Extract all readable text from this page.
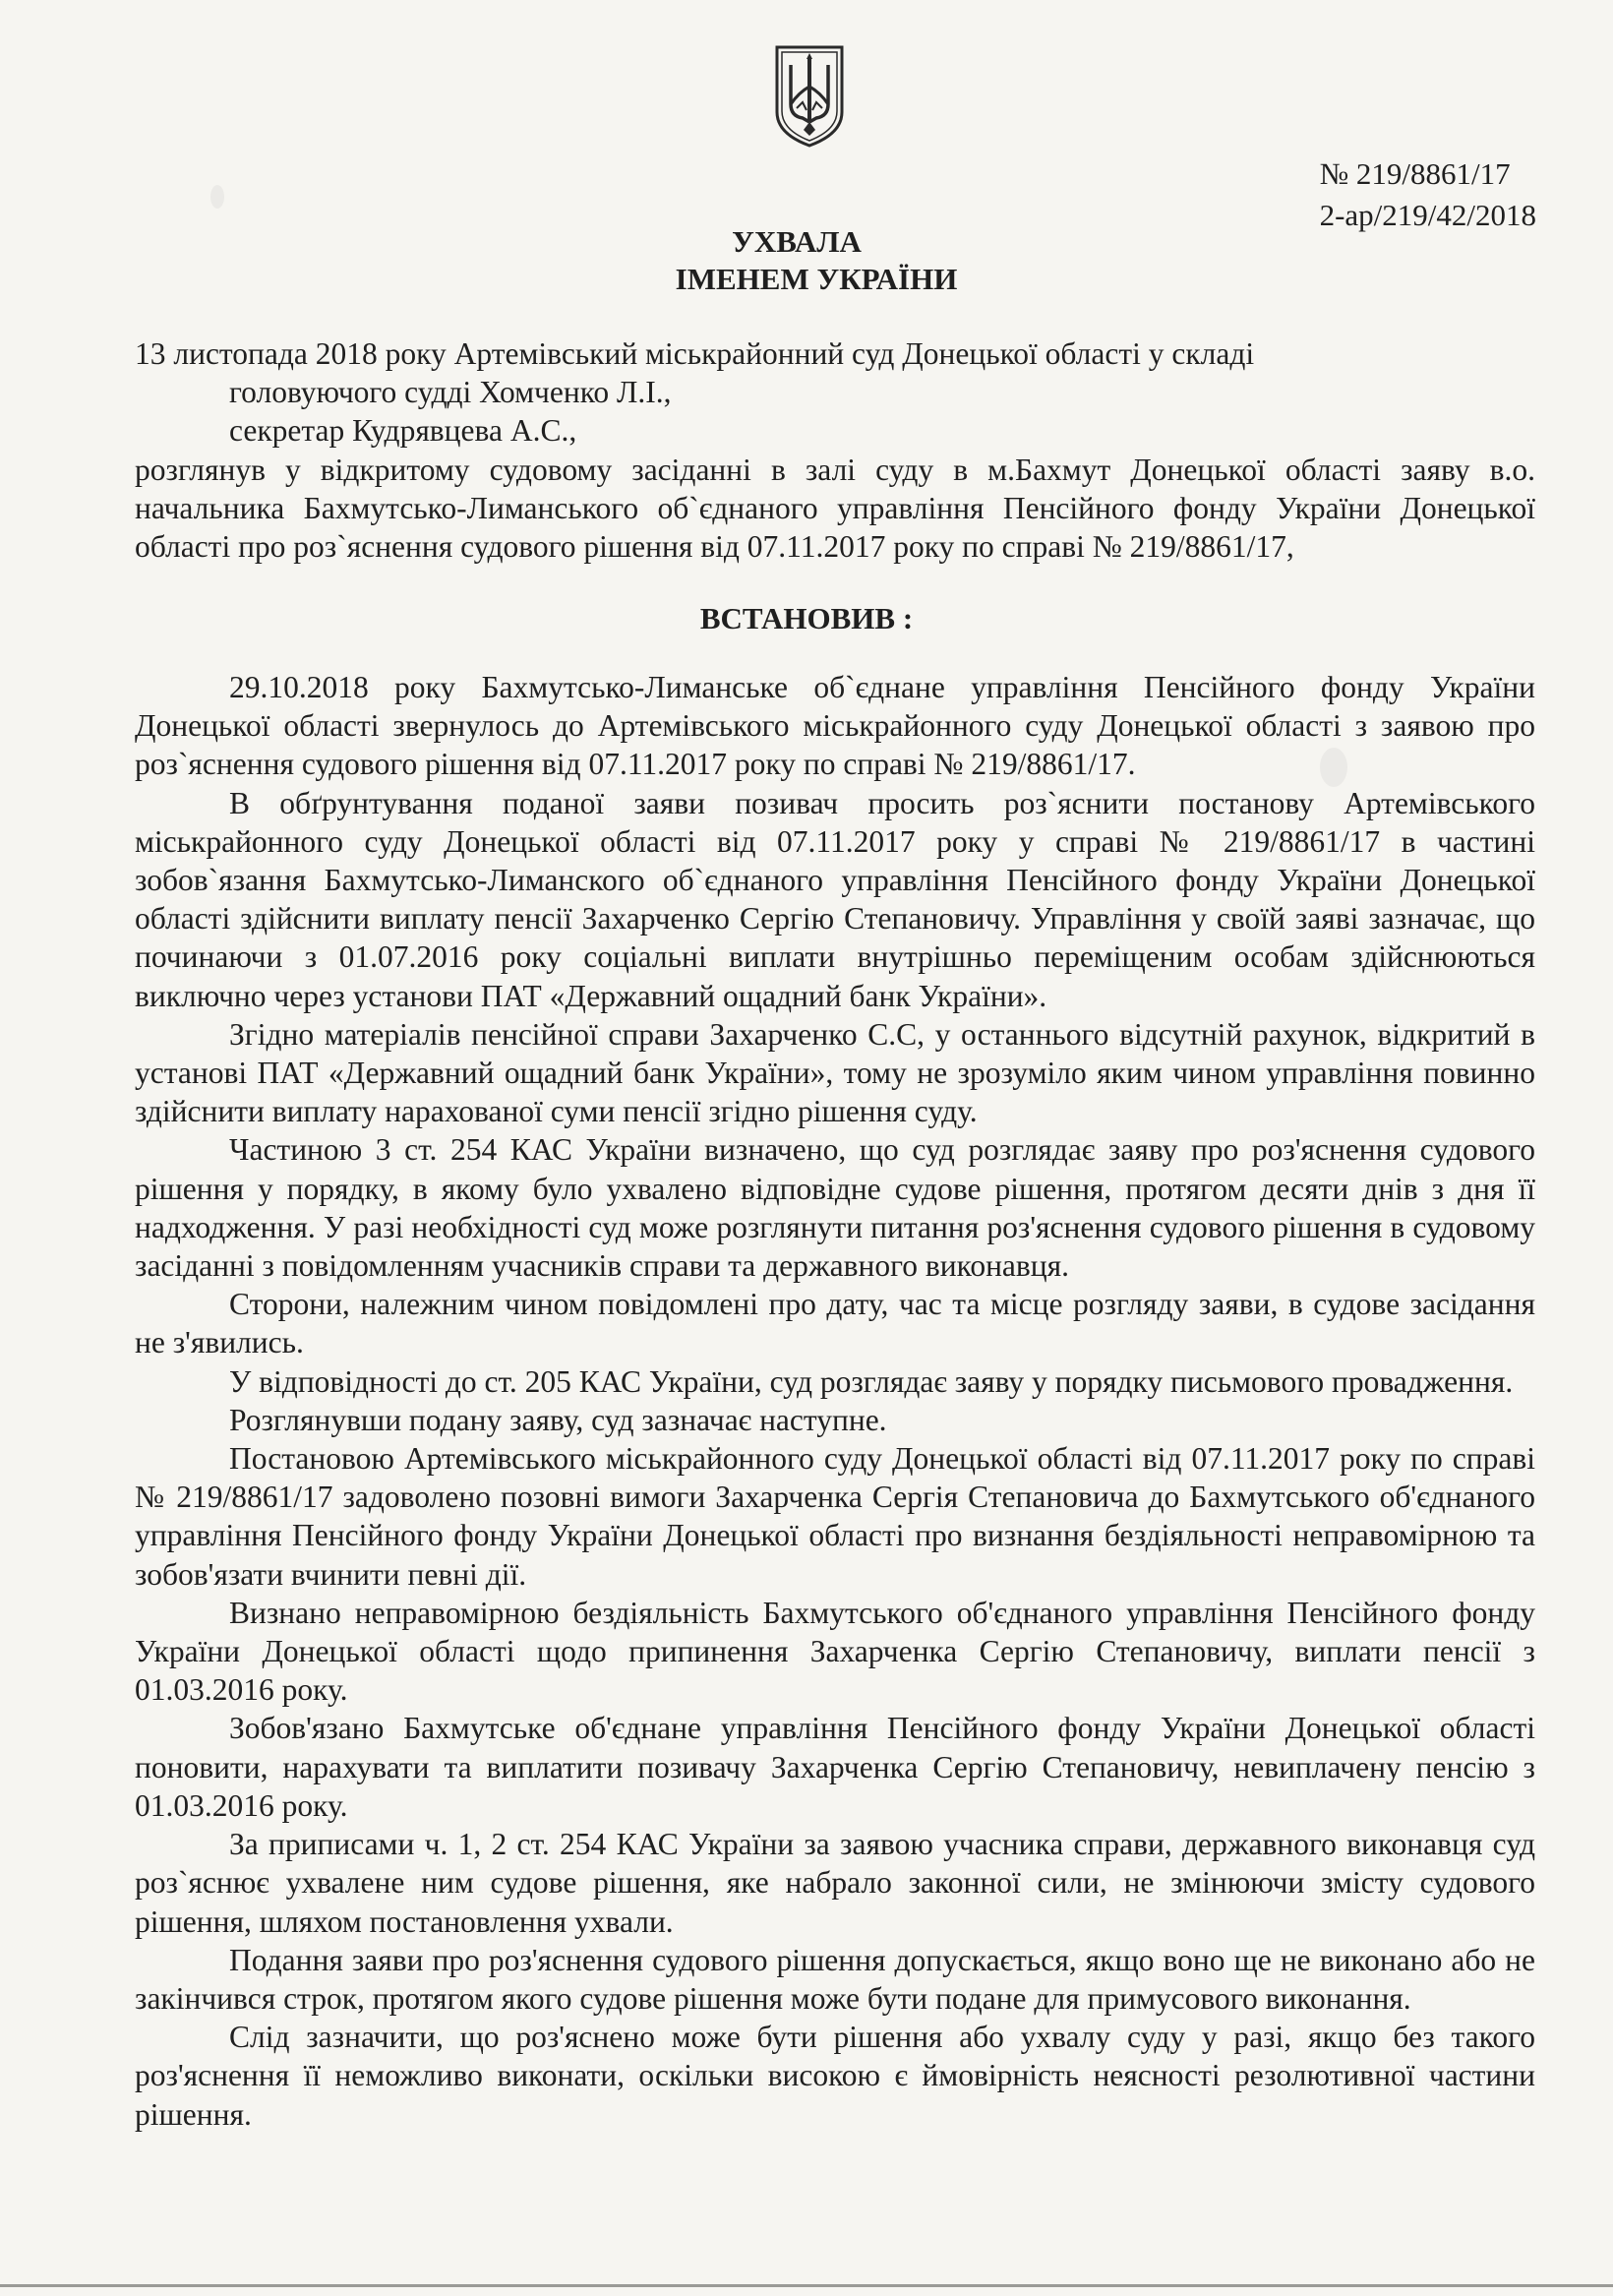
№ 219/8861/17
2-ар/219/42/2018
УХВАЛА
ІМЕНЕМ УКРАЇНИ

13 листопада 2018 року Артемівський міськрайонний суд Донецької області у складі

головуючого судді Хомченко Л.І.,

секретар Кудрявцева А.С.,

розглянув у відкритому судовому засіданні в залі суду в м.Бахмут Донецької області заяву в.о. начальника Бахмутсько-Лиманського об`єднаного управління Пенсійного фонду України Донецької області про роз`яснення судового рішення від 07.11.2017 року по справі № 219/8861/17,

ВСТАНОВИВ :

29.10.2018 року Бахмутсько-Лиманське об`єднане управління Пенсійного фонду України Донецької області звернулось до Артемівського міськрайонного суду Донецької області з заявою про роз`яснення судового рішення від 07.11.2017 року по справі № 219/8861/17.

В обґрунтування поданої заяви позивач просить роз`яснити постанову Артемівського міськрайонного суду Донецької області від 07.11.2017 року у справі № 219/8861/17 в частині зобов`язання Бахмутсько-Лиманского об`єднаного управління Пенсійного фонду України Донецької області здійснити виплату пенсії Захарченко Сергію Степановичу. Управління у своїй заяві зазначає, що починаючи з 01.07.2016 року соціальні виплати внутрішньо переміщеним особам здійснюються виключно через установи ПАТ «Державний ощадний банк України».

Згідно матеріалів пенсійної справи Захарченко С.С, у останнього відсутній рахунок, відкритий в установі ПАТ «Державний ощадний банк України», тому не зрозуміло яким чином управління повинно здійснити виплату нарахованої суми пенсії згідно рішення суду.

Частиною 3 ст. 254 КАС України визначено, що суд розглядає заяву про роз'яснення судового рішення у порядку, в якому було ухвалено відповідне судове рішення, протягом десяти днів з дня її надходження. У разі необхідності суд може розглянути питання роз'яснення судового рішення в судовому засіданні з повідомленням учасників справи та державного виконавця.

Сторони, належним чином повідомлені про дату, час та місце розгляду заяви, в судове засідання не з'явились.

У відповідності до ст. 205 КАС України, суд розглядає заяву у порядку письмового провадження.

Розглянувши подану заяву, суд зазначає наступне.

Постановою Артемівського міськрайонного суду Донецької області від 07.11.2017 року по справі № 219/8861/17 задоволено позовні вимоги Захарченка Сергія Степановича до Бахмутського об'єднаного управління Пенсійного фонду України Донецької області про визнання бездіяльності неправомірною та зобов'язати вчинити певні дії.

Визнано неправомірною бездіяльність Бахмутського об'єднаного управління Пенсійного фонду України Донецької області щодо припинення Захарченка Сергію Степановичу, виплати пенсії з 01.03.2016 року.

Зобов'язано Бахмутське об'єднане управління Пенсійного фонду України Донецької області поновити, нарахувати та виплатити позивачу Захарченка Сергію Степановичу, невиплачену пенсію з 01.03.2016 року.

За приписами ч. 1, 2 ст. 254 КАС України за заявою учасника справи, державного виконавця суд роз`яснює ухвалене ним судове рішення, яке набрало законної сили, не змінюючи змісту судового рішення, шляхом постановлення ухвали.

Подання заяви про роз'яснення судового рішення допускається, якщо воно ще не виконано або не закінчився строк, протягом якого судове рішення може бути подане для примусового виконання.

Слід зазначити, що роз'яснено може бути рішення або ухвалу суду у разі, якщо без такого роз'яснення її неможливо виконати, оскільки високою є ймовірність неясності резолютивної частини рішення.
